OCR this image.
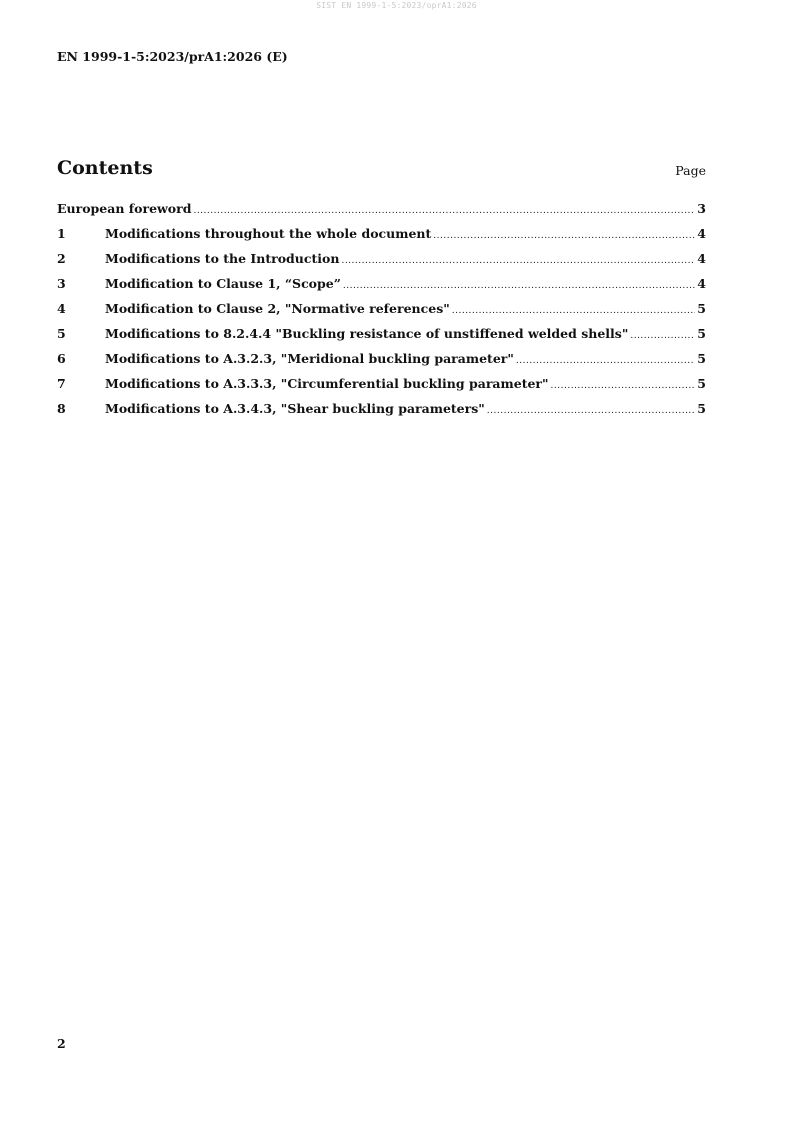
SIST EN 1999-1-5:2023/oprA1:2026
EN 1999-1-5:2023/prA1:2026 (E)
Contents	Page
European foreword .....	3
1	Modifications throughout the whole document .....	4
2	Modifications to the Introduction .....	4
3	Modification to Clause 1, “Scope” .....	4
4	Modification to Clause 2, "Normative references" .....	5
5	Modifications to 8.2.4.4 "Buckling resistance of unstiffened welded shells" .....	5
6	Modifications to A.3.2.3, "Meridional buckling parameter" .....	5
7	Modifications to A.3.3.3, "Circumferential buckling parameter" .....	5
8	Modifications to A.3.4.3, "Shear buckling parameters" .....	5
2
